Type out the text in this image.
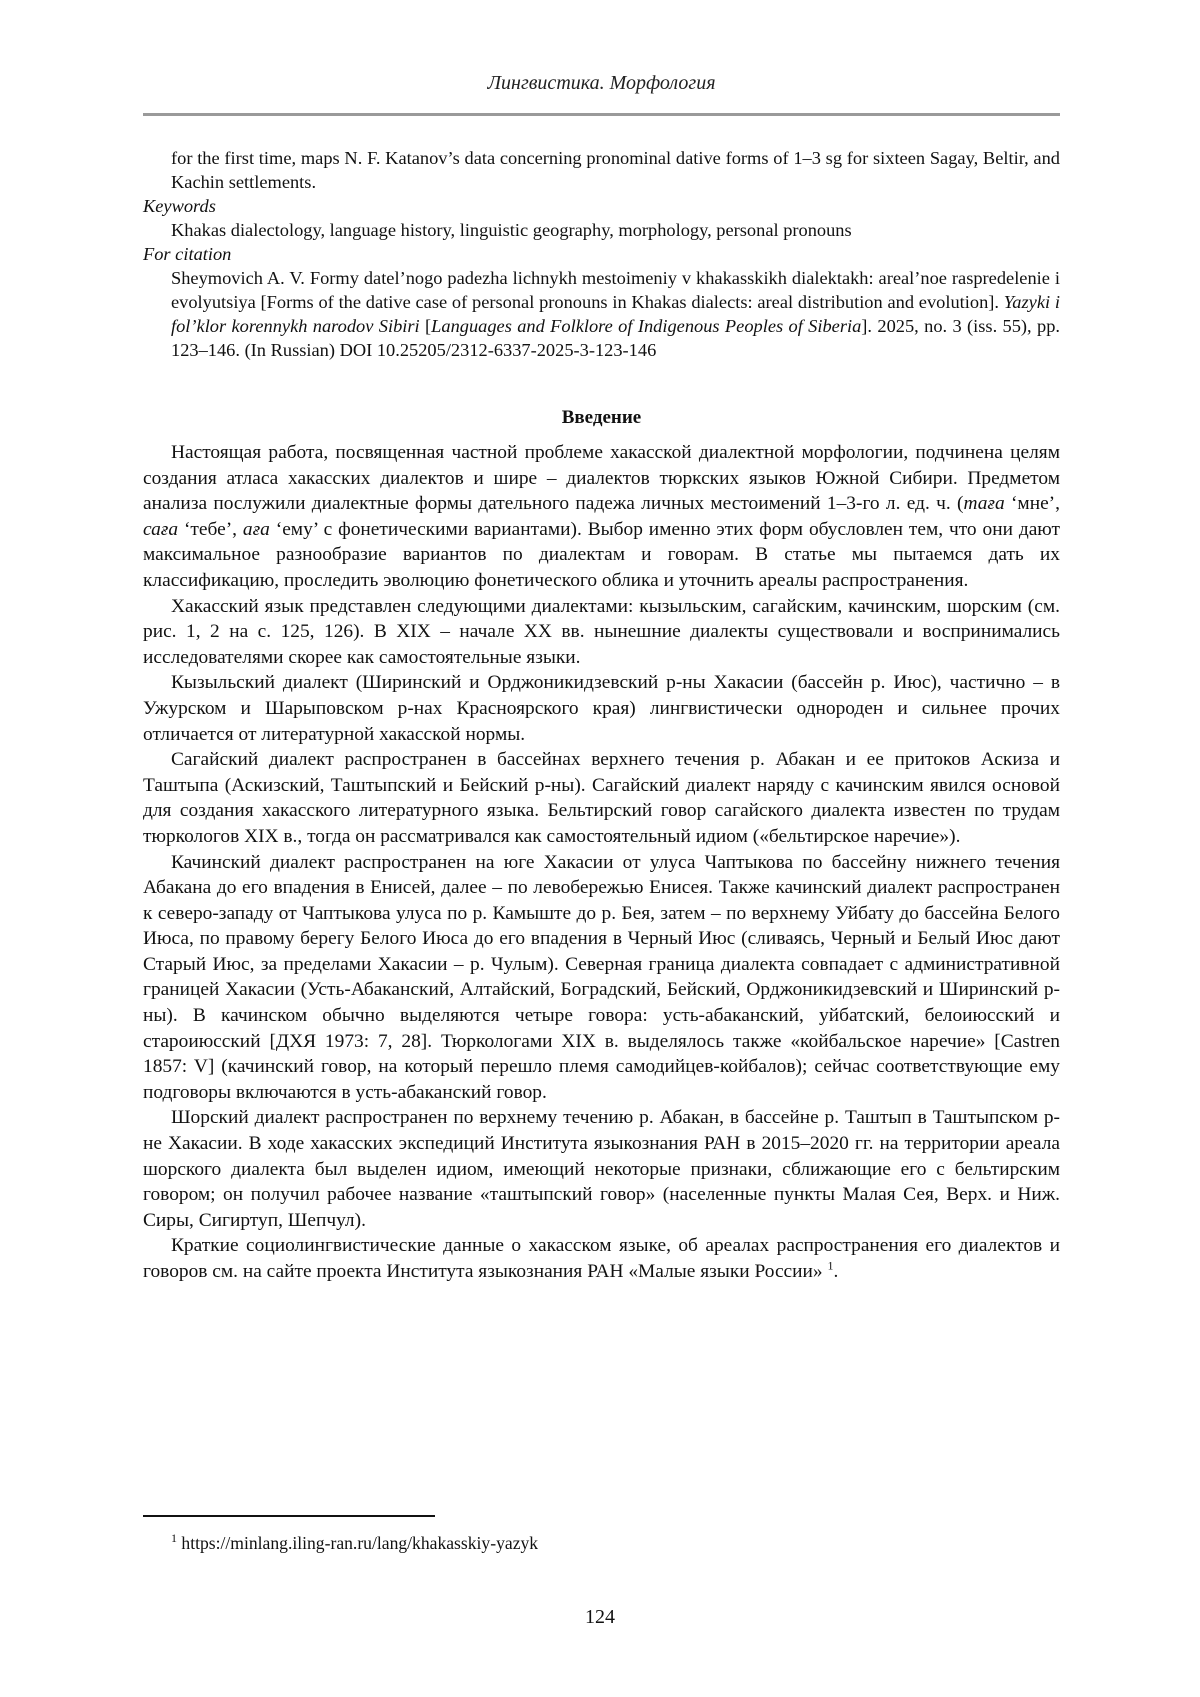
Лингвистика. Морфология

for the first time, maps N. F. Katanov’s data concerning pronominal dative forms of 1–3 sg for sixteen Sagay, Beltir, and Kachin settlements.

Keywords

Khakas dialectology, language history, linguistic geography, morphology, personal pronouns

For citation

Sheymovich A. V. Formy datel’nogo padezha lichnykh mestoimeniy v khakasskikh dialektakh: areal’noe raspredelenie i evolyutsiya [Forms of the dative case of personal pronouns in Khakas dialects: areal distribution and evolution]. Yazyki i fol’klor korennykh narodov Sibiri [Languages and Folklore of Indigenous Peoples of Siberia]. 2025, no. 3 (iss. 55), pp. 123–146. (In Russian) DOI 10.25205/2312-6337-2025-3-123-146

Введение

Настоящая работа, посвященная частной проблеме хакасской диалектной морфологии, подчинена целям создания атласа хакасских диалектов и шире – диалектов тюркских языков Южной Сибири. Предметом анализа послужили диалектные формы дательного падежа личных местоимений 1–3-го л. ед. ч. (таға ‘мне’, саға ‘тебе’, аға ‘ему’ с фонетическими вариантами). Выбор именно этих форм обусловлен тем, что они дают максимальное разнообразие вариантов по диалектам и говорам. В статье мы пытаемся дать их классификацию, проследить эволюцию фонетического облика и уточнить ареалы распространения.

Хакасский язык представлен следующими диалектами: кызыльским, сагайским, качинским, шорским (см. рис. 1, 2 на с. 125, 126). В XIX – начале XX вв. нынешние диалекты существовали и воспринимались исследователями скорее как самостоятельные языки.

Кызыльский диалект (Ширинский и Орджоникидзевский р-ны Хакасии (бассейн р. Июс), частично – в Ужурском и Шарыповском р-нах Красноярского края) лингвистически однороден и сильнее прочих отличается от литературной хакасской нормы.

Сагайский диалект распространен в бассейнах верхнего течения р. Абакан и ее притоков Аскиза и Таштыпа (Аскизский, Таштыпский и Бейский р-ны). Сагайский диалект наряду с качинским явился основой для создания хакасского литературного языка. Бельтирский говор сагайского диалекта известен по трудам тюркологов XIX в., тогда он рассматривался как самостоятельный идиом («бельтирское наречие»).

Качинский диалект распространен на юге Хакасии от улуса Чаптыкова по бассейну нижнего течения Абакана до его впадения в Енисей, далее – по левобережью Енисея. Также качинский диалект распространен к северо-западу от Чаптыкова улуса по р. Камыште до р. Бея, затем – по верхнему Уйбату до бассейна Белого Июса, по правому берегу Белого Июса до его впадения в Черный Июс (сливаясь, Черный и Белый Июс дают Старый Июс, за пределами Хакасии – р. Чулым). Северная граница диалекта совпадает с административной границей Хакасии (Усть-Абаканский, Алтайский, Боградский, Бейский, Орджоникидзевский и Ширинский р-ны). В качинском обычно выделяются четыре говора: усть-абаканский, уйбатский, белоиюсский и староиюсский [ДХЯ 1973: 7, 28]. Тюркологами XIX в. выделялось также «койбальское наречие» [Castren 1857: V] (качинский говор, на который перешло племя самодийцев-койбалов); сейчас соответствующие ему подговоры включаются в усть-абаканский говор.

Шорский диалект распространен по верхнему течению р. Абакан, в бассейне р. Таштып в Таштыпском р-не Хакасии. В ходе хакасских экспедиций Института языкознания РАН в 2015–2020 гг. на территории ареала шорского диалекта был выделен идиом, имеющий некоторые признаки, сближающие его с бельтирским говором; он получил рабочее название «таштыпский говор» (населенные пункты Малая Сея, Верх. и Ниж. Сиры, Сигиртуп, Шепчул).

Краткие социолингвистические данные о хакасском языке, об ареалах распространения его диалектов и говоров см. на сайте проекта Института языкознания РАН «Малые языки России» $^1$.

$^1$ https://minlang.iling-ran.ru/lang/khakasskiy-yazyk
124
